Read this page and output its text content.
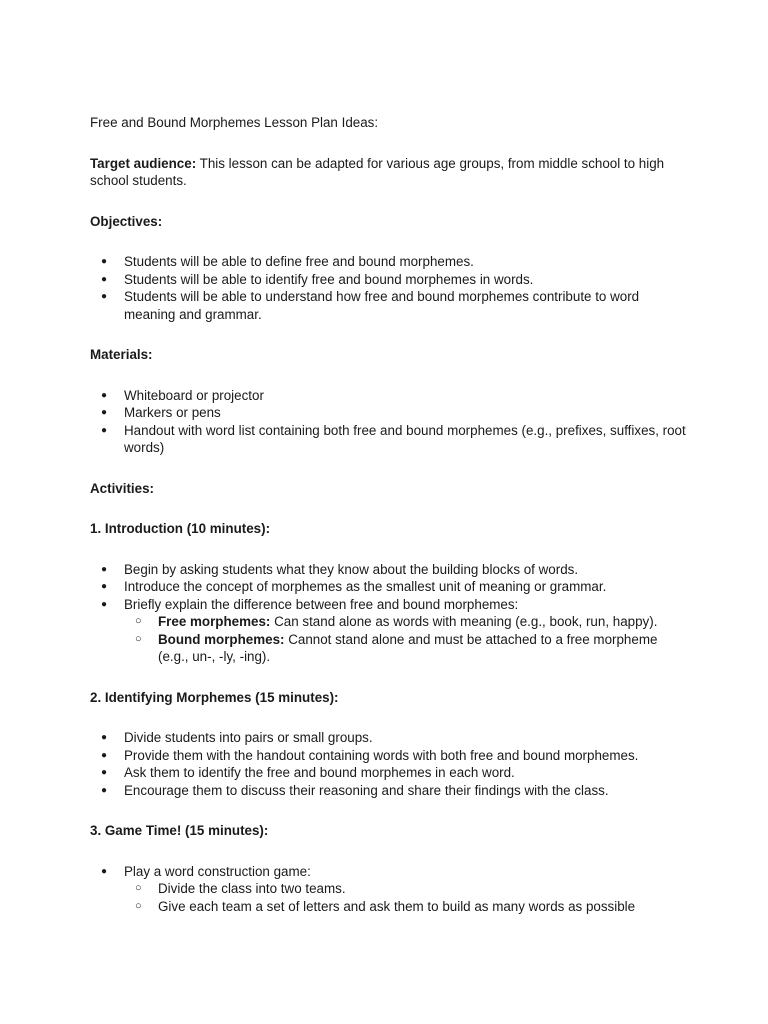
Free and Bound Morphemes Lesson Plan Ideas:

Target audience: This lesson can be adapted for various age groups, from middle school to high school students.

Objectives:

● Students will be able to define free and bound morphemes.
● Students will be able to identify free and bound morphemes in words.
● Students will be able to understand how free and bound morphemes contribute to word meaning and grammar.

Materials:

● Whiteboard or projector
● Markers or pens
● Handout with word list containing both free and bound morphemes (e.g., prefixes, suffixes, root words)

Activities:

1. Introduction (10 minutes):

● Begin by asking students what they know about the building blocks of words.
● Introduce the concept of morphemes as the smallest unit of meaning or grammar.
● Briefly explain the difference between free and bound morphemes:
○ Free morphemes: Can stand alone as words with meaning (e.g., book, run, happy).
○ Bound morphemes: Cannot stand alone and must be attached to a free morpheme (e.g., un-, -ly, -ing).

2. Identifying Morphemes (15 minutes):

● Divide students into pairs or small groups.
● Provide them with the handout containing words with both free and bound morphemes.
● Ask them to identify the free and bound morphemes in each word.
● Encourage them to discuss their reasoning and share their findings with the class.

3. Game Time! (15 minutes):

● Play a word construction game:
○ Divide the class into two teams.
○ Give each team a set of letters and ask them to build as many words as possible
